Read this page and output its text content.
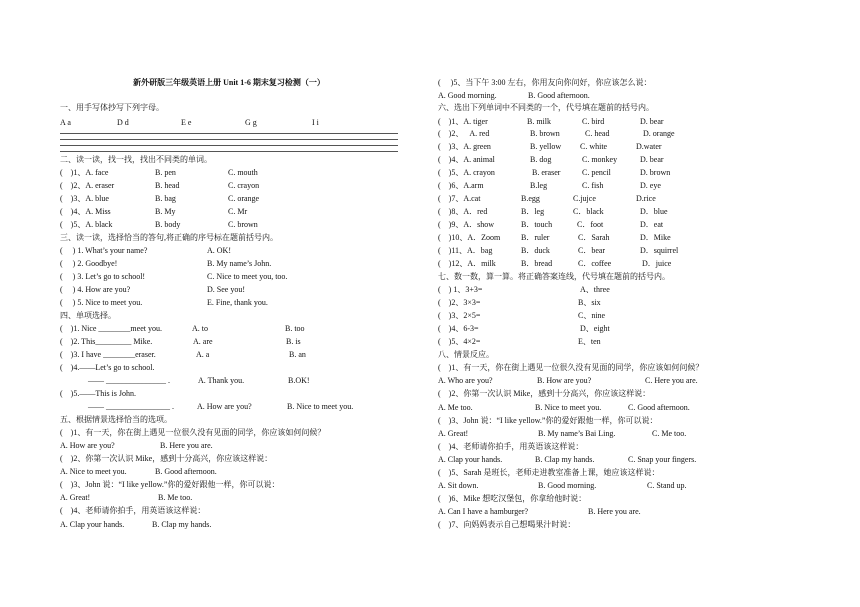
新外研版三年级英语上册 Unit 1-6 期末复习检测（一）
一、用手写体抄写下列字母。
A a	D d	E e	G g	I i
二、读一读，找一找，找出不同类的单词。
(    )1、A. face	B. pen	C. mouth
(    )2、A. eraser	B. head	C. crayon
(    )3、A. blue	B. bag	C. orange
(    )4、A. Miss	B. My	C. Mr
(    )5、A. black	B. body	C. brown
三、读一读，选择恰当的答句,将正确的序号标在题前括号内。
(     ) 1. What’s your name?	A. OK!
(     ) 2. Goodbye!	B. My name’s John.
(     ) 3. Let’s go to school!	C. Nice to meet you, too.
(     ) 4. How are you?	D. See you!
(     ) 5. Nice to meet you.	E. Fine, thank you.
四、单项选择。
(    )1. Nice ________meet you.	A. to	B. too
(    )2. This_________ Mike.	A. are	B. is
(    )3. I have ________eraser.	A. a	B. an
(    )4.——Let’s go to school.
—— _______________ .	A. Thank you.	B.OK!
(    )5.——This is John.
—— ________________ .	A. How are you?	B. Nice to meet you.
五、根据情景选择恰当的选项。
(    )1、有一天，你在街上遇见一位很久没有见面的同学，你应该如何问候？
A. How are you?	B. Here you are.
(    )2、你第一次认识 Mike，感到十分高兴，你应该这样说：
A. Nice to meet you.	B. Good afternoon.
(    )3、John 说：“I like yellow.”你的爱好跟他一样，你可以说：
A. Great!	B. Me too.
(    )4、老师请你拍手，用英语该这样说：
A. Clap your hands.	B. Clap my hands.
(     )5、当下午 3:00 左右，你用友向你问好，你应该怎么说：
A. Good morning.	B. Good afternoon.
六、选出下列单词中不同类的一个，代号填在题前的括号内。
(    )1、A. tiger	B. milk	C. bird	D. bear
(    )2、   A. red	B. brown	C. head	D. orange
(    )3、A. green	B. yellow C. white	D.water
(    )4、A. animal	B. dog	C. monkey	D. bear
(    )5、A. crayon	B. eraser	C. pencil	D. brown
(    )6、A.arm	B.leg	C. fish	D. eye
(    )7、A.cat	B.egg	C.jujce	D.rice
(    )8、A．red	B．leg	C．black	D．blue
(    )9、A．show	B．touch	C．foot	D．eat
(    )10、A．Zoom	B．ruler	C．Sarah	D．Mike
(    )11、A．bag	B．duck	C．bear	D．squirrel
(    )12、A．milk	B．bread	C．coffee	D．juice
七、数一数，算一算。将正确答案连线，代号填在题前的括号内。
(    ) 1、3+3=	A、three
(    )2、3×3=	B、six
(    )3、2×5=	C、nine
(    )4、6-3=	D、eight
(    )5、4×2=	E、ten
八、情景反应。
(    )1、有一天，你在街上遇见一位很久没有见面的同学，你应该如何问候？
A. Who are you?	B. How are you?	C. Here you are.
(    )2、你第一次认识 Mike，感到十分高兴，你应该这样说：
A. Me too.	B. Nice to meet you.	C. Good afternoon.
(    )3、John 说：“I like yellow.”你的爱好跟他一样，你可以说：
A. Great!	B. My name’s Bai Ling.	C. Me too.
(    )4、老师请你拍手，用英语该这样说：
A. Clap your hands.	B. Clap my hands.	C. Snap your fingers.
(    )5、Sarah 是班长，老师走进教室准备上课，她应该这样说：
A. Sit down.	B. Good morning.	C. Stand up.
(    )6、Mike 想吃汉堡包，你拿给他时说：
A. Can I have a hamburger?	B. Here you are.
(    )7、向妈妈表示自己想喝果汁时说：
